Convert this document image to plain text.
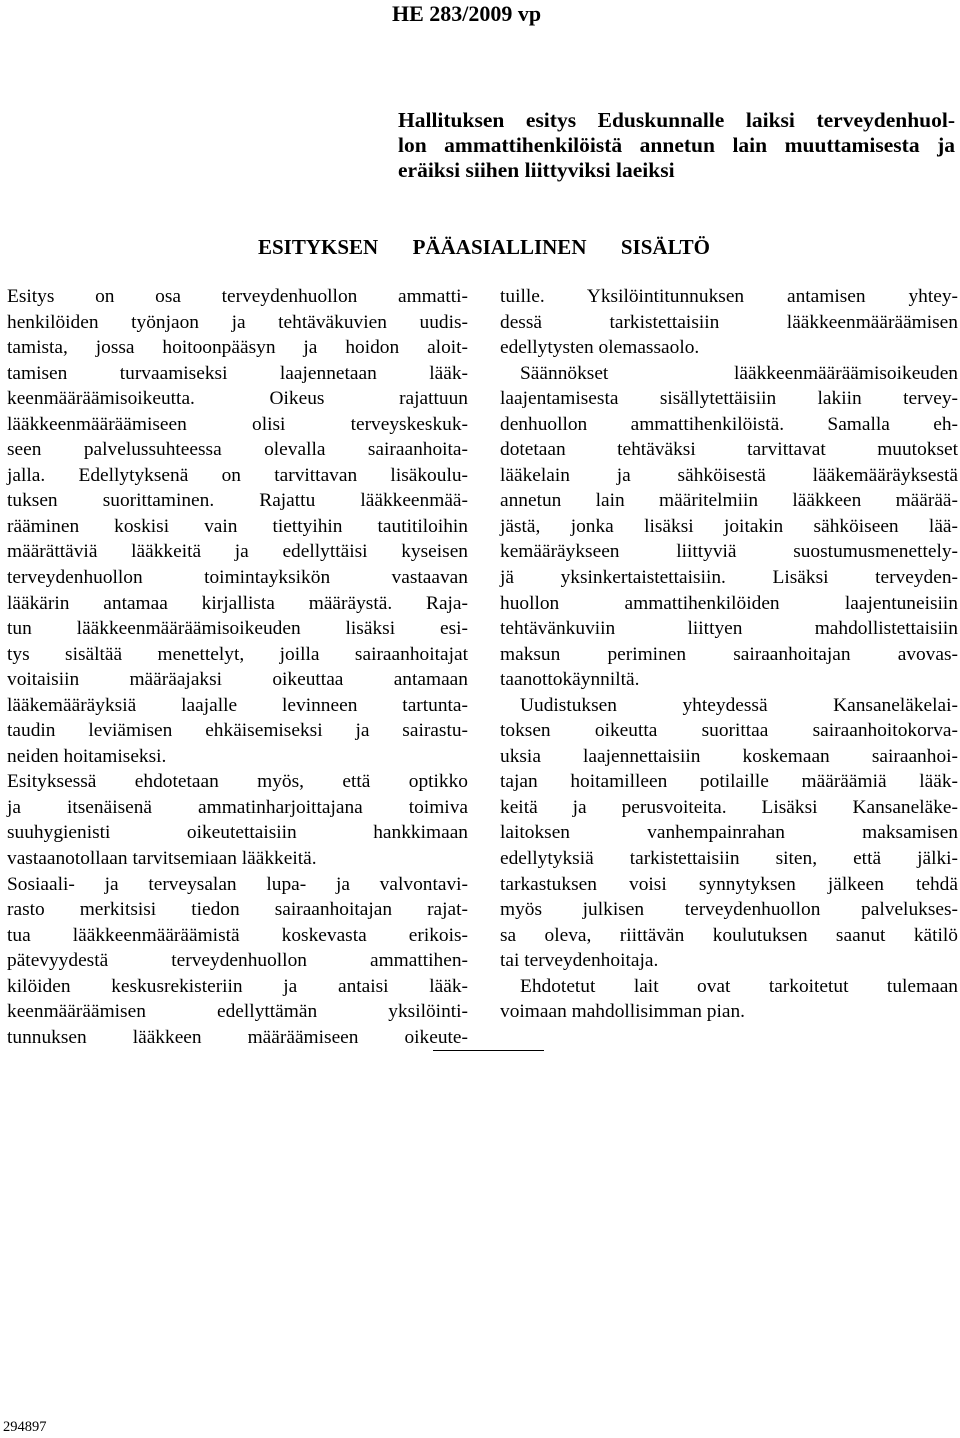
HE 283/2009 vp
Hallituksen esitys Eduskunnalle laiksi terveydenhuol-
lon ammattihenkilöistä annetun lain muuttamisesta ja
eräiksi siihen liittyviksi laeiksi
ESITYKSEN PÄÄASIALLINEN SISÄLTÖ
Esitys on osa terveydenhuollon ammatti-
henkilöiden työnjaon ja tehtäväkuvien uudis-
tamista, jossa hoitoonpääsyn ja hoidon aloit-
tamisen turvaamiseksi laajennetaan lääk-
keenmääräämisoikeutta. Oikeus rajattuun
lääkkeenmääräämiseen olisi terveyskeskuk-
seen palvelussuhteessa olevalla sairaanhoita-
jalla. Edellytyksenä on tarvittavan lisäkoulu-
tuksen suorittaminen. Rajattu lääkkeenmää-
rääminen koskisi vain tiettyihin tautitiloihin
määrättäviä lääkkeitä ja edellyttäisi kyseisen
terveydenhuollon toimintayksikön vastaavan
lääkärin antamaa kirjallista määräystä. Raja-
tun lääkkeenmääräämisoikeuden lisäksi esi-
tys sisältää menettelyt, joilla sairaanhoitajat
voitaisiin määräajaksi oikeuttaa antamaan
lääkemääräyksiä laajalle levinneen tartunta-
taudin leviämisen ehkäisemiseksi ja sairastu-
neiden hoitamiseksi.
Esityksessä ehdotetaan myös, että optikko
ja itsenäisenä ammatinharjoittajana toimiva
suuhygienisti oikeutettaisiin hankkimaan
vastaanotollaan tarvitsemiaan lääkkeitä.
Sosiaali- ja terveysalan lupa- ja valvontavi-
rasto merkitsisi tiedon sairaanhoitajan rajat-
tua lääkkeenmääräämistä koskevasta erikois-
pätevyydestä terveydenhuollon ammattihen-
kilöiden keskusrekisteriin ja antaisi lääk-
keenmääräämisen edellyttämän yksilöinti-
tunnuksen lääkkeen määräämiseen oikeute-
tuille. Yksilöintitunnuksen antamisen yhtey-
dessä tarkistettaisiin lääkkeenmääräämisen
edellytysten olemassaolo.
Säännökset lääkkeenmääräämisoikeuden
laajentamisesta sisällytettäisiin lakiin tervey-
denhuollon ammattihenkilöistä. Samalla eh-
dotetaan tehtäväksi tarvittavat muutokset
lääkelain ja sähköisestä lääkemääräyksestä
annetun lain määritelmiin lääkkeen määrää-
jästä, jonka lisäksi joitakin sähköiseen lää-
kemääräykseen liittyviä suostumusmenettely-
jä yksinkertaistettaisiin. Lisäksi terveyden-
huollon ammattihenkilöiden laajentuneisiin
tehtävänkuviin liittyen mahdollistettaisiin
maksun periminen sairaanhoitajan avovas-
taanottokäynniltä.
Uudistuksen yhteydessä Kansaneläkelai-
toksen oikeutta suorittaa sairaanhoitokorva-
uksia laajennettaisiin koskemaan sairaanhoi-
tajan hoitamilleen potilaille määräämiä lääk-
keitä ja perusvoiteita. Lisäksi Kansaneläke-
laitoksen vanhempainrahan maksamisen
edellytyksiä tarkistettaisiin siten, että jälki-
tarkastuksen voisi synnytyksen jälkeen tehdä
myös julkisen terveydenhuollon palvelukses-
sa oleva, riittävän koulutuksen saanut kätilö
tai terveydenhoitaja.
Ehdotetut lait ovat tarkoitetut tulemaan
voimaan mahdollisimman pian.
294897
